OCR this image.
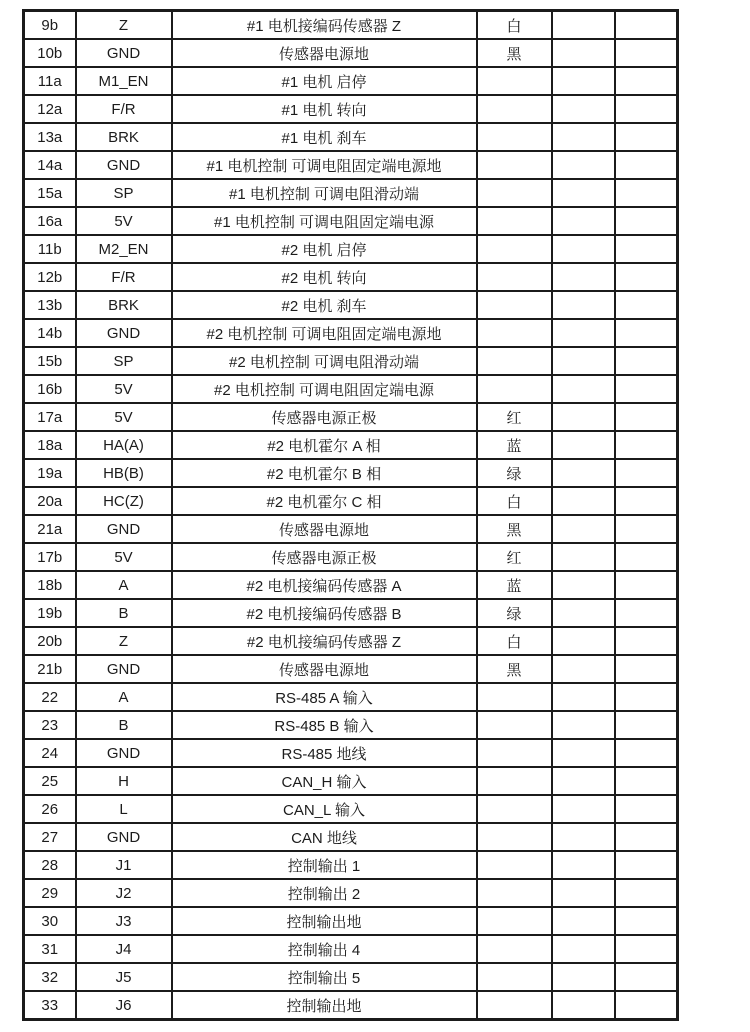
9b	Z	#1 电机接编码传感器 Z	白		
10b	GND	传感器电源地	黑		
11a	M1_EN	#1 电机 启停			
12a	F/R	#1 电机 转向			
13a	BRK	#1 电机 刹车			
14a	GND	#1 电机控制 可调电阻固定端电源地			
15a	SP	#1 电机控制 可调电阻滑动端			
16a	5V	#1 电机控制 可调电阻固定端电源			
11b	M2_EN	#2 电机 启停			
12b	F/R	#2 电机 转向			
13b	BRK	#2 电机 刹车			
14b	GND	#2 电机控制 可调电阻固定端电源地			
15b	SP	#2 电机控制 可调电阻滑动端			
16b	5V	#2 电机控制 可调电阻固定端电源			
17a	5V	传感器电源正极	红		
18a	HA(A)	#2 电机霍尔 A 相	蓝		
19a	HB(B)	#2 电机霍尔 B 相	绿		
20a	HC(Z)	#2 电机霍尔 C 相	白		
21a	GND	传感器电源地	黑		
17b	5V	传感器电源正极	红		
18b	A	#2 电机接编码传感器 A	蓝		
19b	B	#2 电机接编码传感器 B	绿		
20b	Z	#2 电机接编码传感器 Z	白		
21b	GND	传感器电源地	黑		
22	A	RS-485 A 输入			
23	B	RS-485 B 输入			
24	GND	RS-485 地线			
25	H	CAN_H 输入			
26	L	CAN_L 输入			
27	GND	CAN 地线			
28	J1	控制输出 1			
29	J2	控制输出 2			
30	J3	控制输出地			
31	J4	控制输出 4			
32	J5	控制输出 5			
33	J6	控制输出地			
